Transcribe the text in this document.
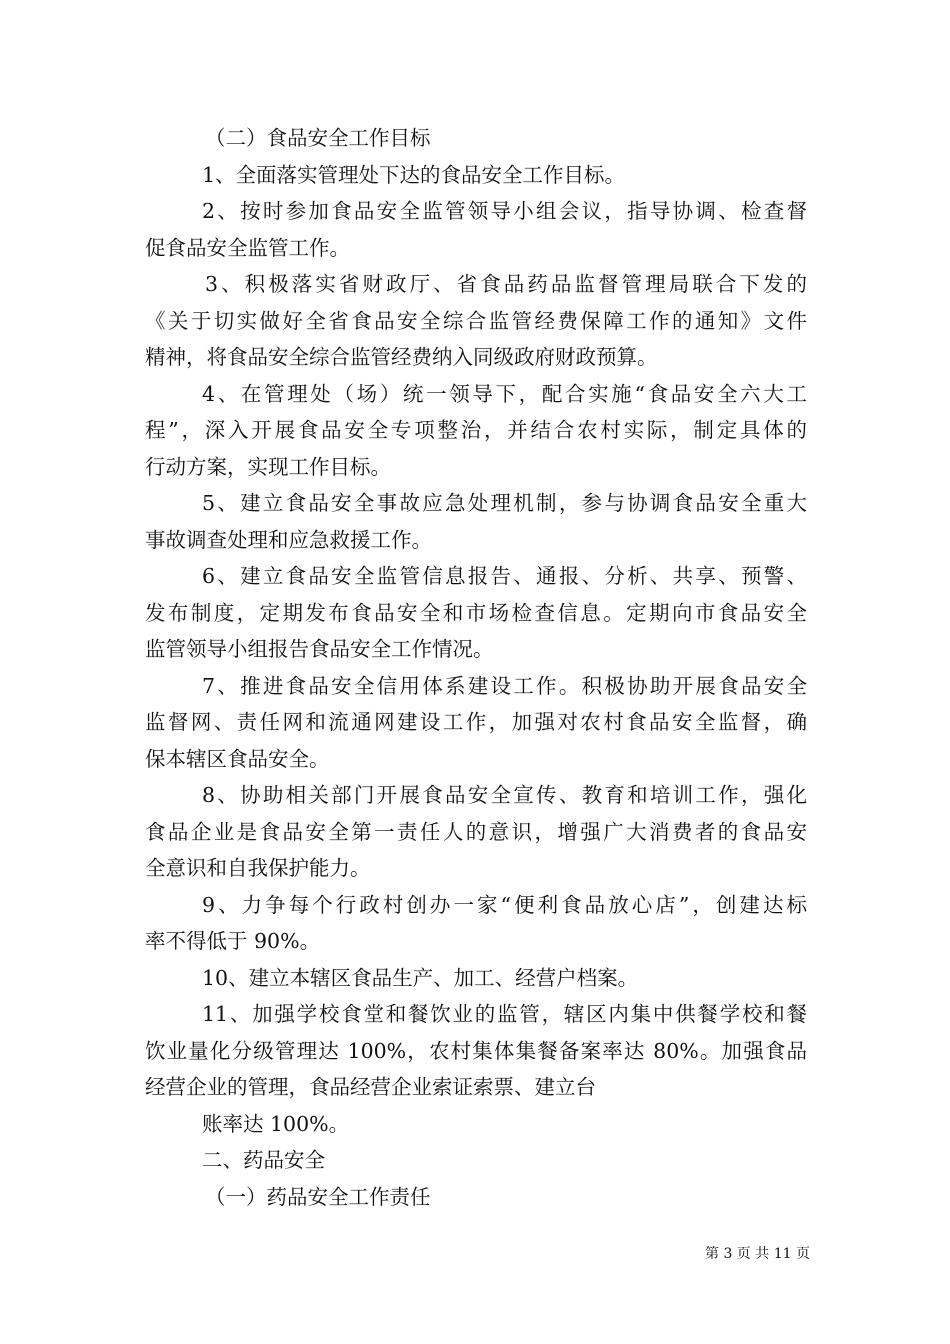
（二）食品安全工作目标
1、全面落实管理处下达的食品安全工作目标。
2、按时参加食品安全监管领导小组会议，指导协调、检查督
促食品安全监管工作。
3、积极落实省财政厅、省食品药品监督管理局联合下发的
《关于切实做好全省食品安全综合监管经费保障工作的通知》文件
精神，将食品安全综合监管经费纳入同级政府财政预算。
4、在管理处（场）统一领导下，配合实施“食品安全六大工
程”，深入开展食品安全专项整治，并结合农村实际，制定具体的
行动方案，实现工作目标。
5、建立食品安全事故应急处理机制，参与协调食品安全重大
事故调查处理和应急救援工作。
6、建立食品安全监管信息报告、通报、分析、共享、预警、
发布制度，定期发布食品安全和市场检查信息。定期向市食品安全
监管领导小组报告食品安全工作情况。
7、推进食品安全信用体系建设工作。积极协助开展食品安全
监督网、责任网和流通网建设工作，加强对农村食品安全监督，确
保本辖区食品安全。
8、协助相关部门开展食品安全宣传、教育和培训工作，强化
食品企业是食品安全第一责任人的意识，增强广大消费者的食品安
全意识和自我保护能力。
9、力争每个行政村创办一家“便利食品放心店”，创建达标
率不得低于 90%。
10、建立本辖区食品生产、加工、经营户档案。
11、加强学校食堂和餐饮业的监管，辖区内集中供餐学校和餐
饮业量化分级管理达 100%，农村集体集餐备案率达 80%。加强食品
经营企业的管理，食品经营企业索证索票、建立台
账率达 100%。
二、药品安全
（一）药品安全工作责任
第 3 页 共 11 页
